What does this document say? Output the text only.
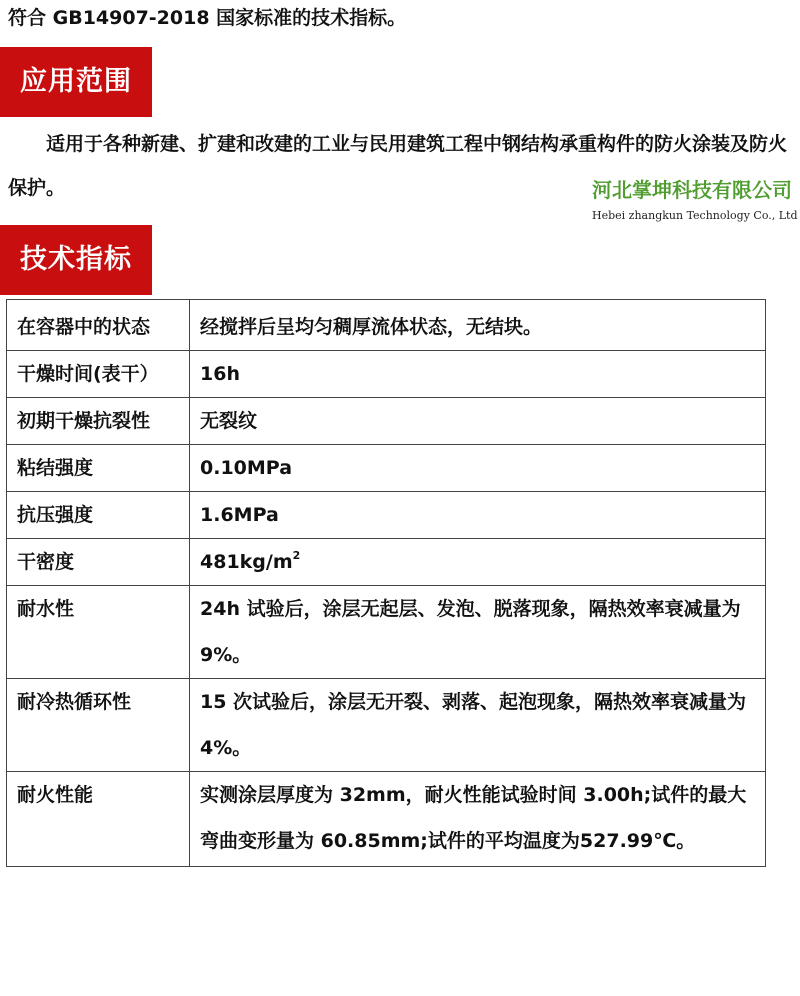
符合 GB14907-2018 国家标准的技术指标。
应用范围
适用于各种新建、扩建和改建的工业与民用建筑工程中钢结构承重构件的防火涂装及防火保护。	河北掌坤科技有限公司
Hebei zhangkun Technology Co., Ltd
技术指标
在容器中的状态	经搅拌后呈均匀稠厚流体状态，无结块。
干燥时间(表干）	16h
初期干燥抗裂性	无裂纹
粘结强度	0.10MPa
抗压强度	1.6MPa
干密度	$481kg/m^2$
耐水性	24h 试验后，涂层无起层、发泡、脱落现象，隔热效率衰减量为 9%。
耐冷热循环性	15 次试验后，涂层无开裂、剥落、起泡现象，隔热效率衰减量为 4%。
耐火性能	实测涂层厚度为 32mm，耐火性能试验时间 3.00h;试件的最大弯曲变形量为 60.85mm;试件的平均温度为527.99℃。
